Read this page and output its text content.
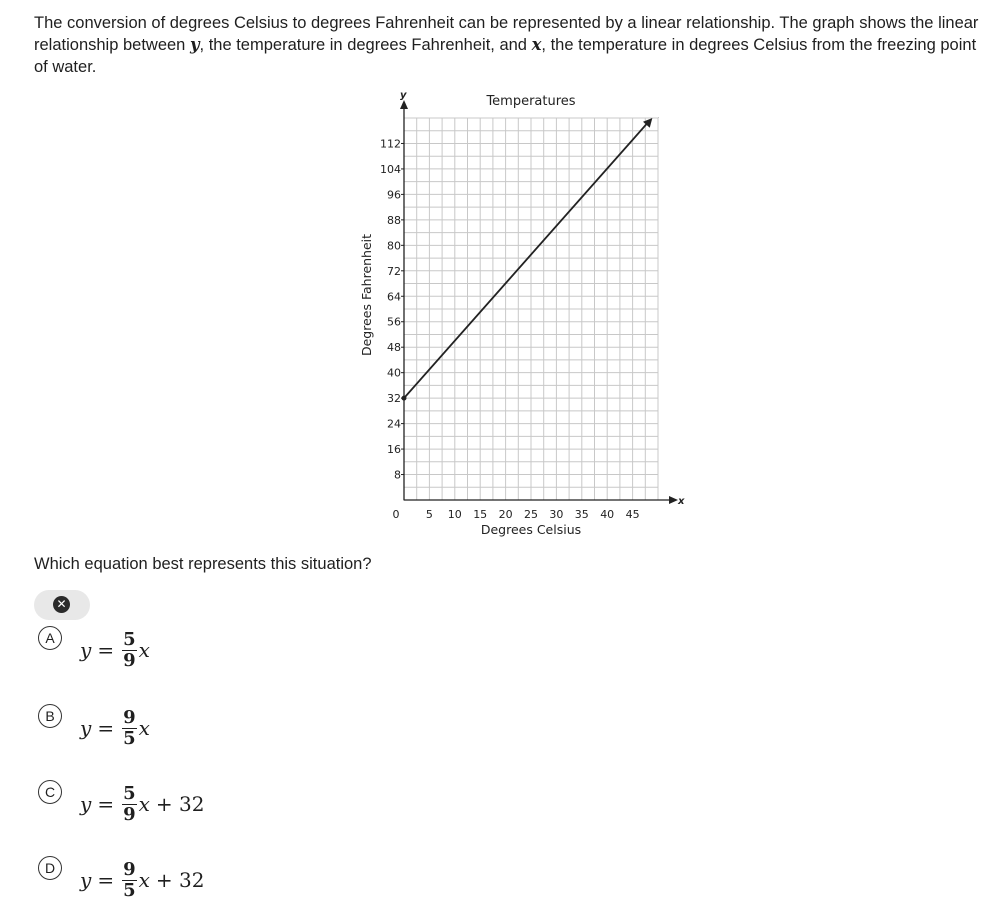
The conversion of degrees Celsius to degrees Fahrenheit can be represented by a linear relationship. The graph shows the linear relationship between y, the temperature in degrees Fahrenheit, and x, the temperature in degrees Celsius from the freezing point of water.
x
y	Temperatures
8
16
24
32
40
48
56
64
72
80
88
96
104
112
0 5 10 15 20 25 30 35 40 45
Degrees Celsius
Degrees Fahrenheit
Which equation best represents this situation?
✕
A	$y = \frac{5}{9}$ x
B	$y = \frac{9}{5}$ x
C	$y = \frac{5}{9}$ x + 32
D	$y = \frac{9}{5}$ x + 32
